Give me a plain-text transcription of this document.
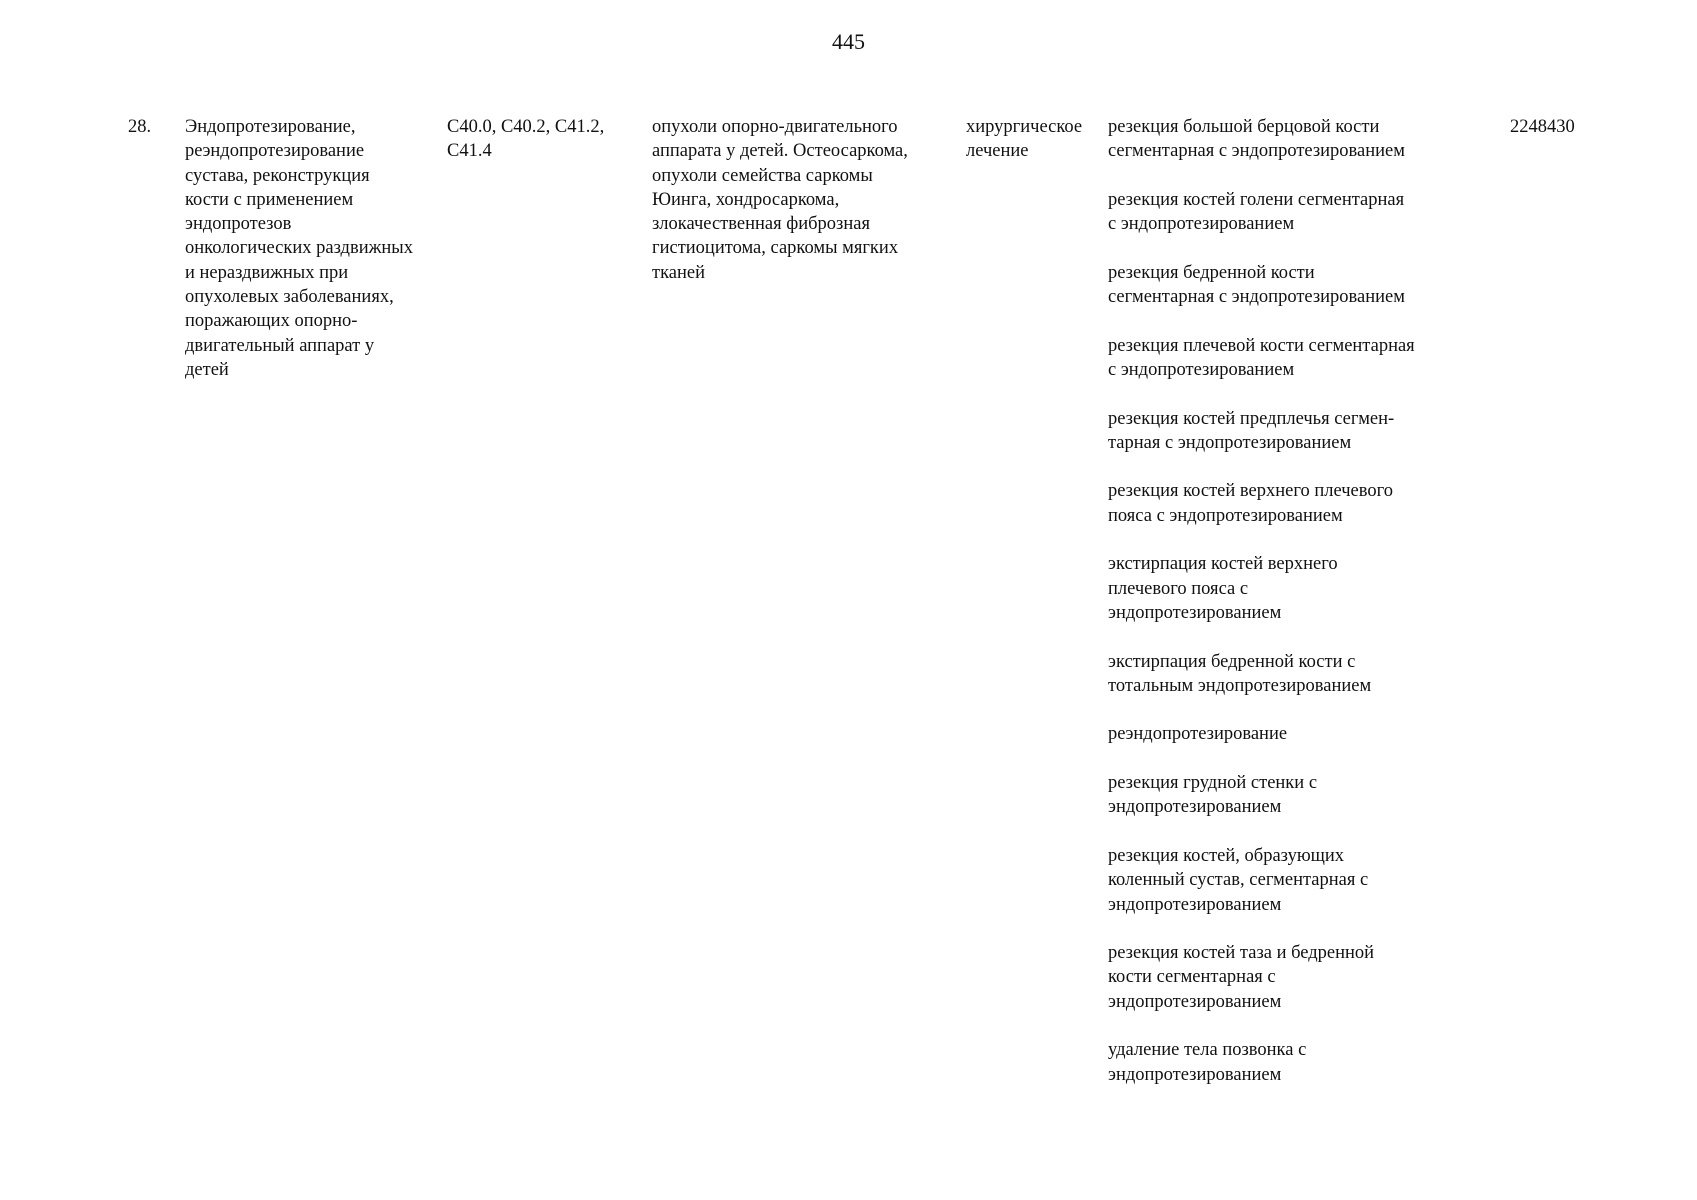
445
28.	Эндопротезирование,
реэндопротезирование
сустава, реконструкция
кости с применением
эндопротезов
онкологических раздвижных
и нераздвижных при
опухолевых заболеваниях,
поражающих опорно-
двигательный аппарат у
детей
C40.0, C40.2, C41.2,
C41.4
опухоли опорно-двигательного
аппарата у детей. Остеосаркома,
опухоли семейства саркомы
Юинга, хондросаркома,
злокачественная фиброзная
гистиоцитома, саркомы мягких
тканей
хирургическое
лечение
резекция большой берцовой кости
сегментарная с эндопротезированием
резекция костей голени сегментарная
с эндопротезированием
резекция бедренной кости
сегментарная с эндопротезированием
резекция плечевой кости сегментарная
с эндопротезированием
резекция костей предплечья сегмен-
тарная с эндопротезированием
резекция костей верхнего плечевого
пояса с эндопротезированием
экстирпация костей верхнего
плечевого пояса с
эндопротезированием
экстирпация бедренной кости с
тотальным эндопротезированием
реэндопротезирование
резекция грудной стенки с
эндопротезированием
резекция костей, образующих
коленный сустав, сегментарная с
эндопротезированием
резекция костей таза и бедренной
кости сегментарная с
эндопротезированием
удаление тела позвонка с
эндопротезированием
2248430
